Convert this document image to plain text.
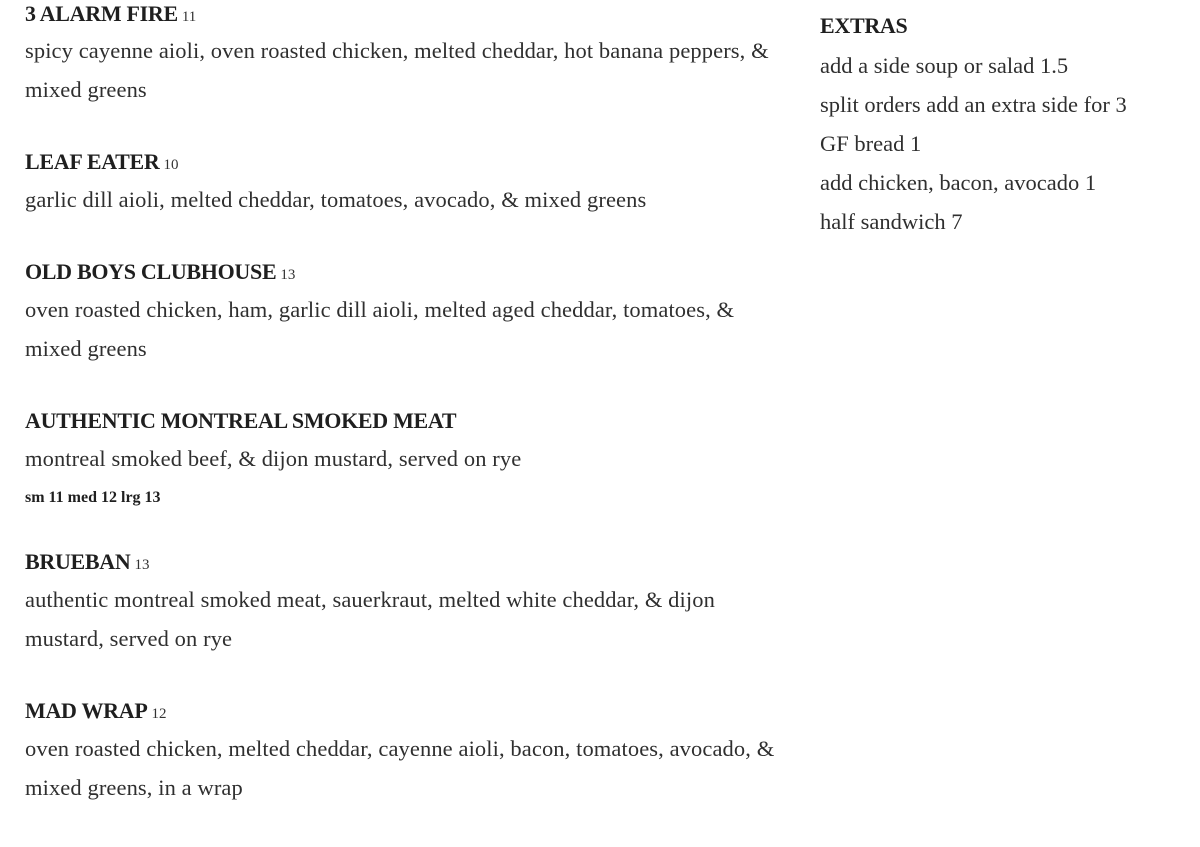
3 ALARM FIRE 11
spicy cayenne aioli, oven roasted chicken, melted cheddar, hot banana peppers, & mixed greens
LEAF EATER 10
garlic dill aioli, melted cheddar, tomatoes, avocado, & mixed greens
OLD BOYS CLUBHOUSE 13
oven roasted chicken, ham, garlic dill aioli, melted aged cheddar, tomatoes, & mixed greens
AUTHENTIC MONTREAL SMOKED MEAT
montreal smoked beef, & dijon mustard, served on rye
sm 11 med 12 lrg 13
BRUEBAN 13
authentic montreal smoked meat, sauerkraut, melted white cheddar, & dijon mustard, served on rye
MAD WRAP 12
oven roasted chicken, melted cheddar, cayenne aioli, bacon, tomatoes, avocado, & mixed greens, in a wrap
EXTRAS
add a side soup or salad 1.5
split orders add an extra side for 3
GF bread 1
add chicken, bacon, avocado 1
half sandwich 7
